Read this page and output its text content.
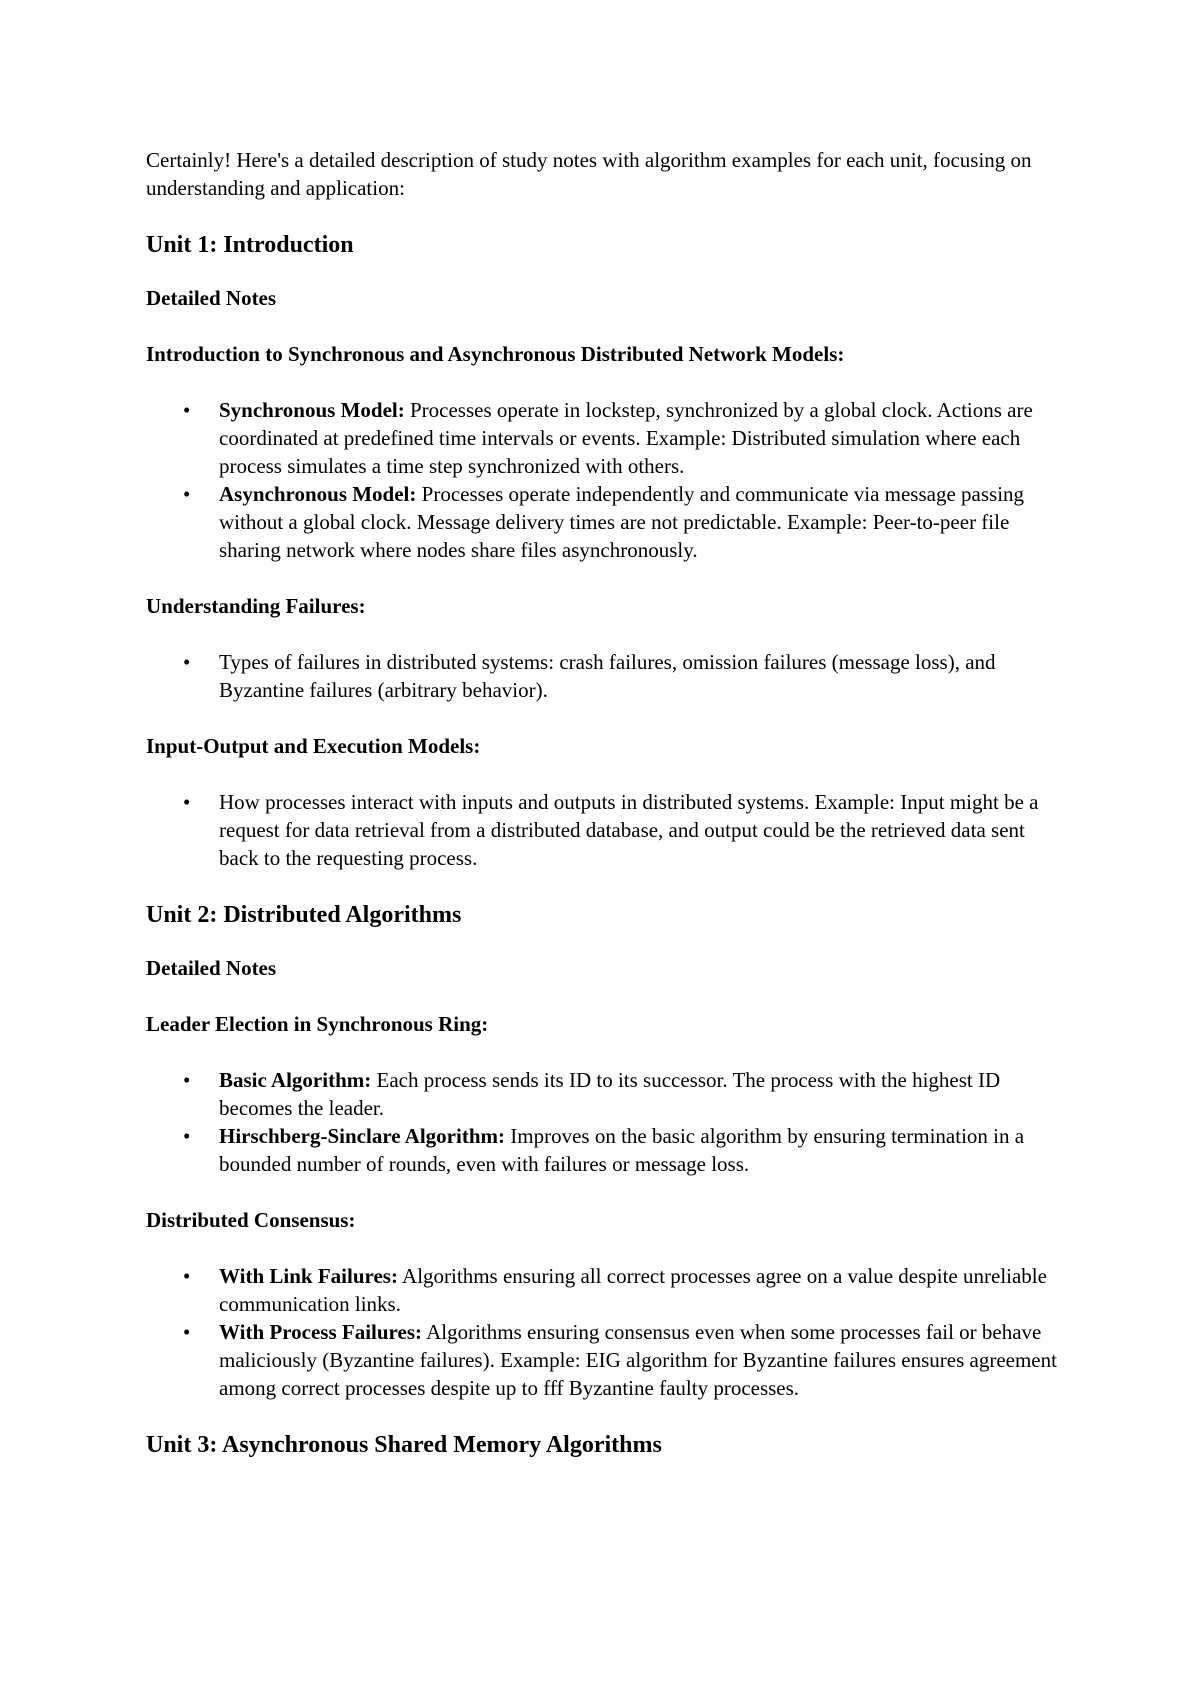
Certainly! Here's a detailed description of study notes with algorithm examples for each unit, focusing on understanding and application:

Unit 1: Introduction
Detailed Notes
Introduction to Synchronous and Asynchronous Distributed Network Models:
• Synchronous Model: Processes operate in lockstep, synchronized by a global clock. Actions are coordinated at predefined time intervals or events. Example: Distributed simulation where each process simulates a time step synchronized with others.
• Asynchronous Model: Processes operate independently and communicate via message passing without a global clock. Message delivery times are not predictable. Example: Peer-to-peer file sharing network where nodes share files asynchronously.
Understanding Failures:
• Types of failures in distributed systems: crash failures, omission failures (message loss), and Byzantine failures (arbitrary behavior).
Input-Output and Execution Models:
• How processes interact with inputs and outputs in distributed systems. Example: Input might be a request for data retrieval from a distributed database, and output could be the retrieved data sent back to the requesting process.
Unit 2: Distributed Algorithms
Detailed Notes
Leader Election in Synchronous Ring:
• Basic Algorithm: Each process sends its ID to its successor. The process with the highest ID becomes the leader.
• Hirschberg-Sinclare Algorithm: Improves on the basic algorithm by ensuring termination in a bounded number of rounds, even with failures or message loss.
Distributed Consensus:
• With Link Failures: Algorithms ensuring all correct processes agree on a value despite unreliable communication links.
• With Process Failures: Algorithms ensuring consensus even when some processes fail or behave maliciously (Byzantine failures). Example: EIG algorithm for Byzantine failures ensures agreement among correct processes despite up to fff Byzantine faulty processes.
Unit 3: Asynchronous Shared Memory Algorithms
